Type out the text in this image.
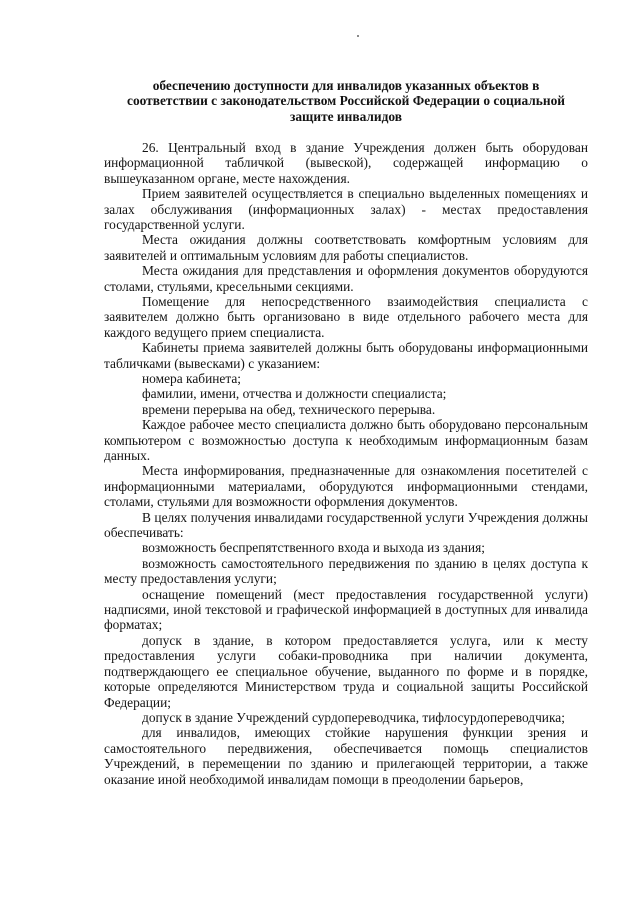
обеспечению доступности для инвалидов указанных объектов в
соответствии с законодательством Российской Федерации о социальной
защите инвалидов

26. Центральный вход в здание Учреждения должен быть оборудован информационной табличкой (вывеской), содержащей информацию о вышеуказанном органе, месте нахождения.

Прием заявителей осуществляется в специально выделенных помещениях и залах обслуживания (информационных залах) - местах предоставления государственной услуги.

Места ожидания должны соответствовать комфортным условиям для заявителей и оптимальным условиям для работы специалистов.

Места ожидания для представления и оформления документов оборудуются столами, стульями, кресельными секциями.

Помещение для непосредственного взаимодействия специалиста с заявителем должно быть организовано в виде отдельного рабочего места для каждого ведущего прием специалиста.

Кабинеты приема заявителей должны быть оборудованы информационными табличками (вывесками) с указанием:

номера кабинета;

фамилии, имени, отчества и должности специалиста;

времени перерыва на обед, технического перерыва.

Каждое рабочее место специалиста должно быть оборудовано персональным компьютером с возможностью доступа к необходимым информационным базам данных.

Места информирования, предназначенные для ознакомления посетителей с информационными материалами, оборудуются информационными стендами, столами, стульями для возможности оформления документов.

В целях получения инвалидами государственной услуги Учреждения должны обеспечивать:

возможность беспрепятственного входа и выхода из здания;

возможность самостоятельного передвижения по зданию в целях доступа к месту предоставления услуги;

оснащение помещений (мест предоставления государственной услуги) надписями, иной текстовой и графической информацией в доступных для инвалида форматах;

допуск в здание, в котором предоставляется услуга, или к месту предоставления услуги собаки-проводника при наличии документа, подтверждающего ее специальное обучение, выданного по форме и в порядке, которые определяются Министерством труда и социальной защиты Российской Федерации;

допуск в здание Учреждений сурдопереводчика, тифлосурдопереводчика;

для инвалидов, имеющих стойкие нарушения функции зрения и самостоятельного передвижения, обеспечивается помощь специалистов Учреждений, в перемещении по зданию и прилегающей территории, а также оказание иной необходимой инвалидам помощи в преодолении барьеров,
